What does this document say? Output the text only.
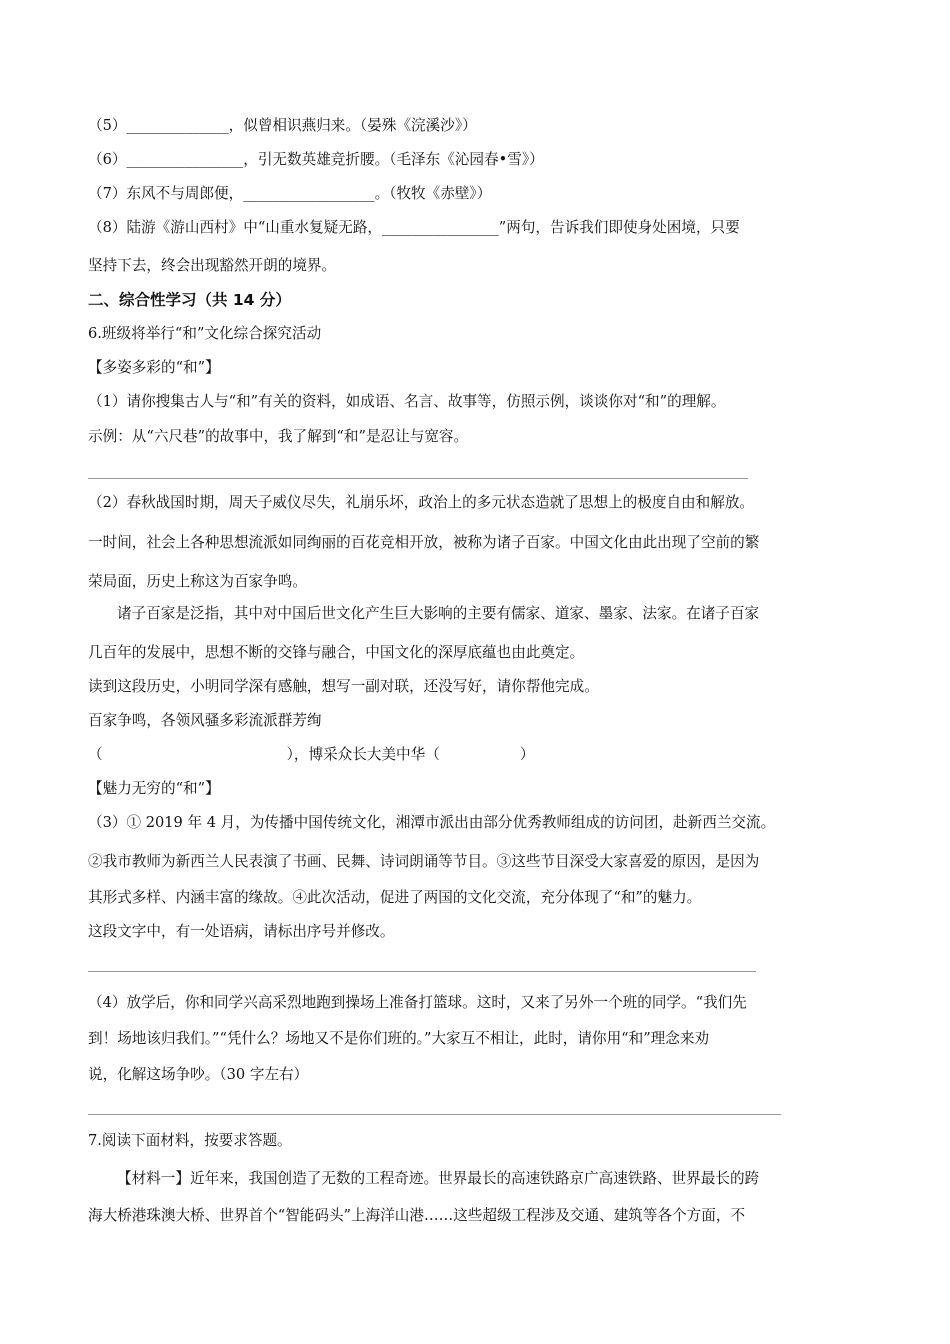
（5）______________，似曾相识燕归来。（晏殊《浣溪沙》）
（6）________________，引无数英雄竞折腰。（毛泽东《沁园春•雪》）
（7）东风不与周郎便，__________________。（牧牧《赤壁》）
（8）陆游《游山西村》中“山重水复疑无路，________________”两句，告诉我们即使身处困境，只要
坚持下去，终会出现豁然开朗的境界。
二、综合性学习（共 14 分）
6.班级将举行“和”文化综合探究活动
【多姿多彩的“和”】
（1）请你搜集古人与“和”有关的资料，如成语、名言、故事等，仿照示例，谈谈你对“和”的理解。
示例：从“六尺巷”的故事中，我了解到“和”是忍让与宽容。
（2）春秋战国时期，周天子威仪尽失，礼崩乐坏，政治上的多元状态造就了思想上的极度自由和解放。
一时间，社会上各种思想流派如同绚丽的百花竞相开放，被称为诸子百家。中国文化由此出现了空前的繁
荣局面，历史上称这为百家争鸣。
诸子百家是泛指，其中对中国后世文化产生巨大影响的主要有儒家、道家、墨家、法家。在诸子百家
几百年的发展中，思想不断的交锋与融合，中国文化的深厚底蕴也由此奠定。
读到这段历史，小明同学深有感触，想写一副对联，还没写好，请你帮他完成。
百家争鸣，各领风骚多彩流派群芳绚
（	），博采众长大美中华（	）
【魅力无穷的“和”】
（3）① 2019 年 4 月，为传播中国传统文化，湘潭市派出由部分优秀教师组成的访问团，赴新西兰交流。
②我市教师为新西兰人民表演了书画、民舞、诗词朗诵等节目。③这些节目深受大家喜爱的原因，是因为
其形式多样、内涵丰富的缘故。④此次活动，促进了两国的文化交流，充分体现了“和”的魅力。
这段文字中，有一处语病，请标出序号并修改。
（4）放学后，你和同学兴高采烈地跑到操场上准备打篮球。这时，又来了另外一个班的同学。“我们先
到！场地该归我们。”“凭什么？场地又不是你们班的。”大家互不相让，此时，请你用“和”理念来劝
说，化解这场争吵。（30 字左右）
7.阅读下面材料，按要求答题。
【材料一】近年来，我国创造了无数的工程奇迹。世界最长的高速铁路京广高速铁路、世界最长的跨
海大桥港珠澳大桥、世界首个“智能码头”上海洋山港……这些超级工程涉及交通、建筑等各个方面，不
